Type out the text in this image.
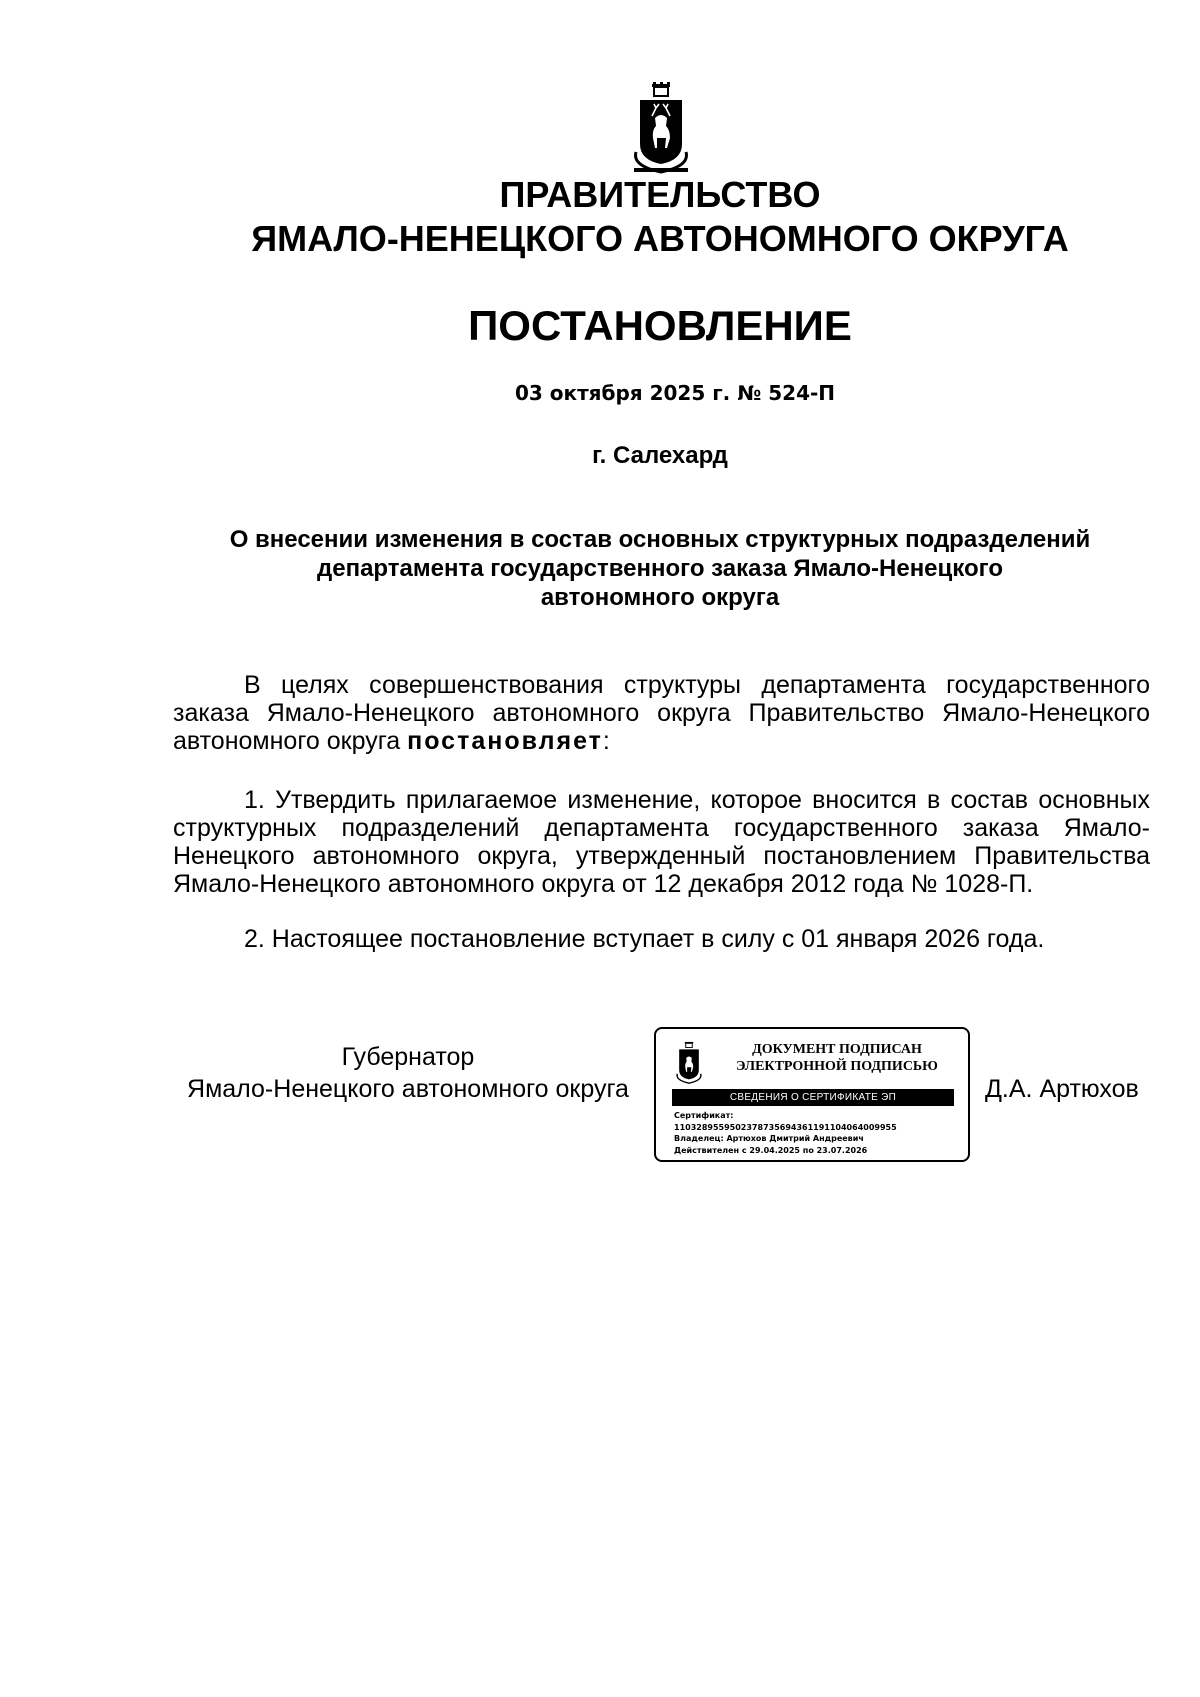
ПРАВИТЕЛЬСТВО
ЯМАЛО-НЕНЕЦКОГО АВТОНОМНОГО ОКРУГА
ПОСТАНОВЛЕНИЕ
03 октября 2025 г. № 524-П
г. Салехард
О внесении изменения в состав основных структурных подразделений
департамента государственного заказа Ямало-Ненецкого
автономного округа
В целях совершенствования структуры департамента государственного заказа Ямало-Ненецкого автономного округа Правительство Ямало-Ненецкого автономного округа постановляет:
1. Утвердить прилагаемое изменение, которое вносится в состав основных структурных подразделений департамента государственного заказа Ямало-Ненецкого автономного округа, утвержденный постановлением Правительства Ямало-Ненецкого автономного округа от 12 декабря 2012 года № 1028-П.
2. Настоящее постановление вступает в силу с 01 января 2026 года.
Губернатор
Ямало-Ненецкого автономного округа
ДОКУМЕНТ ПОДПИСАН
ЭЛЕКТРОННОЙ ПОДПИСЬЮ
СВЕДЕНИЯ О СЕРТИФИКАТЕ ЭП
Сертификат:
1103289559502378735694361191104064009955
Владелец: Артюхов Дмитрий Андреевич
Действителен с 29.04.2025 по 23.07.2026
Д.А. Артюхов
